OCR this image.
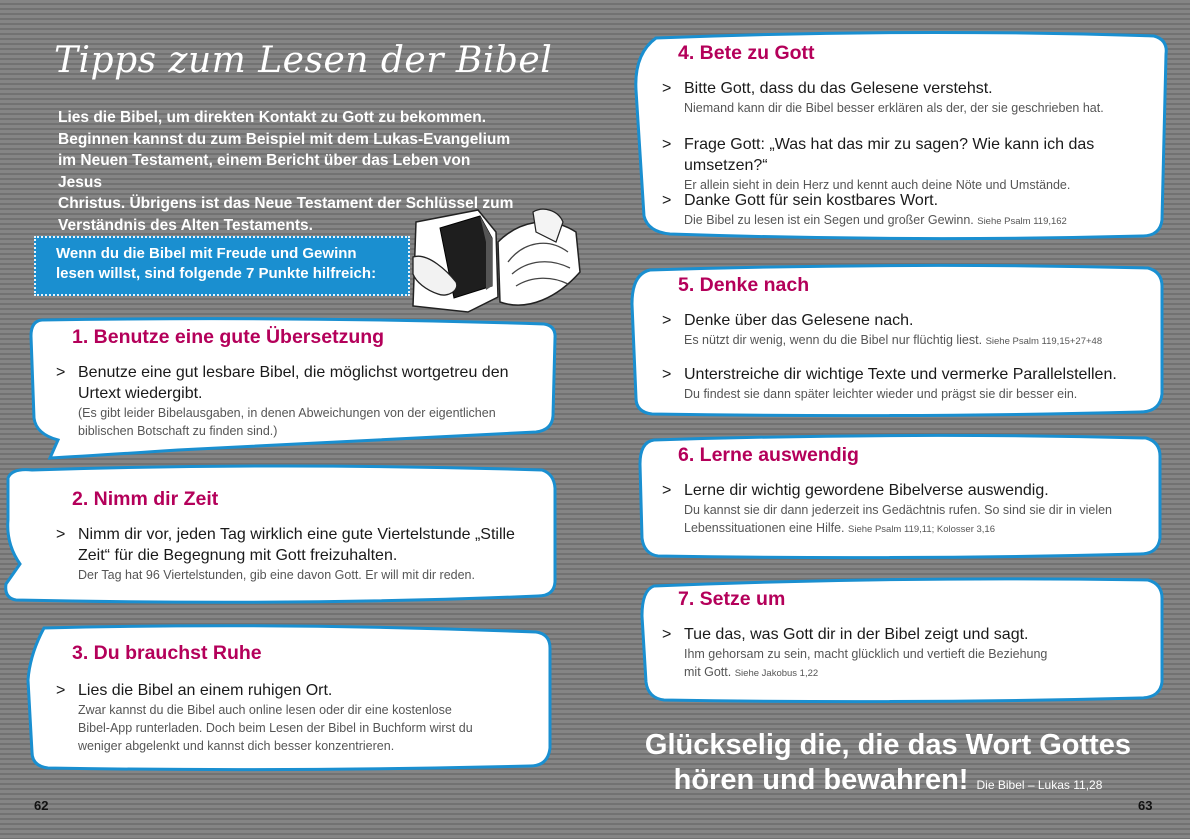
Tipps zum Lesen der Bibel
Lies die Bibel, um direkten Kontakt zu Gott zu bekommen.
Beginnen kannst du zum Beispiel mit dem Lukas-Evangelium
im Neuen Testament, einem Bericht über das Leben von Jesus
Christus. Übrigens ist das Neue Testament der Schlüssel zum
Verständnis des Alten Testaments.
Wenn du die Bibel mit Freude und Gewinn
lesen willst, sind folgende 7 Punkte hilfreich:
1. Benutze eine gute Übersetzung
> Benutze eine gut lesbare Bibel, die möglichst wortgetreu den
Urtext wiedergibt.
(Es gibt leider Bibelausgaben, in denen Abweichungen von der eigentlichen
biblischen Botschaft zu finden sind.)
2. Nimm dir Zeit
> Nimm dir vor, jeden Tag wirklich eine gute Viertelstunde „Stille
Zeit“ für die Begegnung mit Gott freizuhalten.
Der Tag hat 96 Viertelstunden, gib eine davon Gott. Er will mit dir reden.
3. Du brauchst Ruhe
> Lies die Bibel an einem ruhigen Ort.
Zwar kannst du die Bibel auch online lesen oder dir eine kostenlose
Bibel-App runterladen. Doch beim Lesen der Bibel in Buchform wirst du
weniger abgelenkt und kannst dich besser konzentrieren.
4. Bete zu Gott
> Bitte Gott, dass du das Gelesene verstehst.
Niemand kann dir die Bibel besser erklären als der, der sie geschrieben hat.
> Frage Gott: „Was hat das mir zu sagen? Wie kann ich das umsetzen?“
Er allein sieht in dein Herz und kennt auch deine Nöte und Umstände.
> Danke Gott für sein kostbares Wort.
Die Bibel zu lesen ist ein Segen und großer Gewinn. Siehe Psalm 119,162
5. Denke nach
> Denke über das Gelesene nach.
Es nützt dir wenig, wenn du die Bibel nur flüchtig liest. Siehe Psalm 119,15+27+48
> Unterstreiche dir wichtige Texte und vermerke Parallelstellen.
Du findest sie dann später leichter wieder und prägst sie dir besser ein.
6. Lerne auswendig
> Lerne dir wichtig gewordene Bibelverse auswendig.
Du kannst sie dir dann jederzeit ins Gedächtnis rufen. So sind sie dir in vielen
Lebenssituationen eine Hilfe. Siehe Psalm 119,11; Kolosser 3,16
7. Setze um
> Tue das, was Gott dir in der Bibel zeigt und sagt.
Ihm gehorsam zu sein, macht glücklich und vertieft die Beziehung
mit Gott. Siehe Jakobus 1,22
Glückselig die, die das Wort Gottes
hören und bewahren! Die Bibel – Lukas 11,28
62	63
